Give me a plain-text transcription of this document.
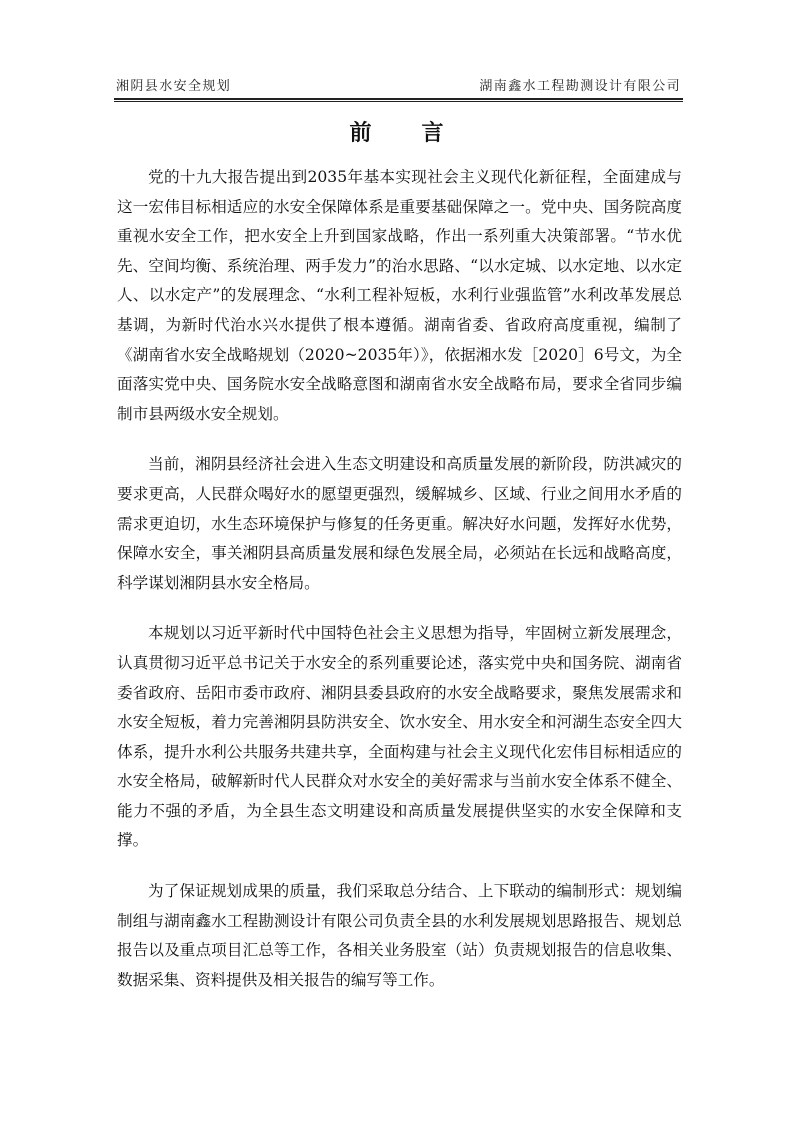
湘阴县水安全规划	湖南鑫水工程勘测设计有限公司
前　言

党的十九大报告提出到2035年基本实现社会主义现代化新征程，全面建成与这一宏伟目标相适应的水安全保障体系是重要基础保障之一。党中央、国务院高度重视水安全工作，把水安全上升到国家战略，作出一系列重大决策部署。“节水优先、空间均衡、系统治理、两手发力”的治水思路、“以水定城、以水定地、以水定人、以水定产”的发展理念、“水利工程补短板，水利行业强监管”水利改革发展总基调，为新时代治水兴水提供了根本遵循。湖南省委、省政府高度重视，编制了《湖南省水安全战略规划（2020~2035年）》，依据湘水发［2020］6号文，为全面落实党中央、国务院水安全战略意图和湖南省水安全战略布局，要求全省同步编制市县两级水安全规划。

当前，湘阴县经济社会进入生态文明建设和高质量发展的新阶段，防洪减灾的要求更高，人民群众喝好水的愿望更强烈，缓解城乡、区域、行业之间用水矛盾的需求更迫切，水生态环境保护与修复的任务更重。解决好水问题，发挥好水优势，保障水安全，事关湘阴县高质量发展和绿色发展全局，必须站在长远和战略高度，科学谋划湘阴县水安全格局。

本规划以习近平新时代中国特色社会主义思想为指导，牢固树立新发展理念，认真贯彻习近平总书记关于水安全的系列重要论述，落实党中央和国务院、湖南省委省政府、岳阳市委市政府、湘阴县委县政府的水安全战略要求，聚焦发展需求和水安全短板，着力完善湘阴县防洪安全、饮水安全、用水安全和河湖生态安全四大体系，提升水利公共服务共建共享，全面构建与社会主义现代化宏伟目标相适应的水安全格局，破解新时代人民群众对水安全的美好需求与当前水安全体系不健全、能力不强的矛盾，为全县生态文明建设和高质量发展提供坚实的水安全保障和支撑。

为了保证规划成果的质量，我们采取总分结合、上下联动的编制形式：规划编制组与湖南鑫水工程勘测设计有限公司负责全县的水利发展规划思路报告、规划总报告以及重点项目汇总等工作，各相关业务股室（站）负责规划报告的信息收集、数据采集、资料提供及相关报告的编写等工作。
